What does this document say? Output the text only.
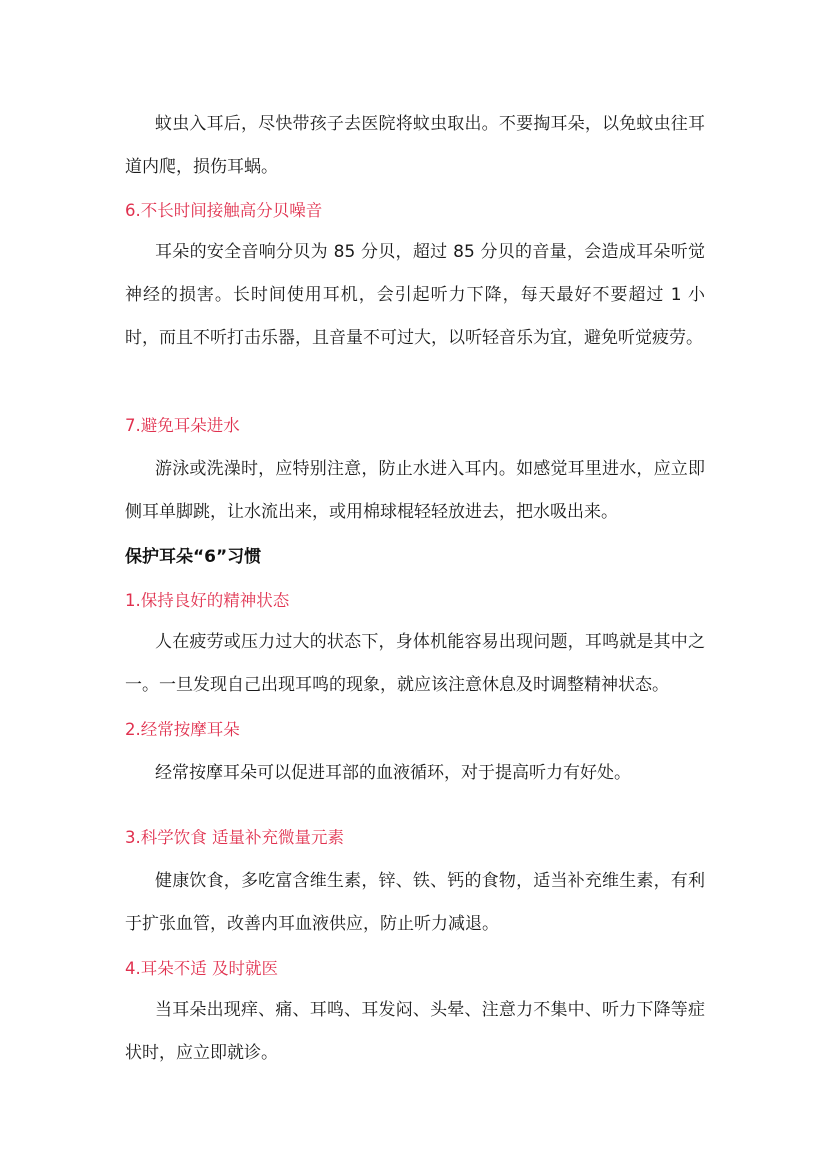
蚊虫入耳后，尽快带孩子去医院将蚊虫取出。不要掏耳朵，以免蚊虫往耳道内爬，损伤耳蜗。

6.不长时间接触高分贝噪音

耳朵的安全音响分贝为 85 分贝，超过 85 分贝的音量，会造成耳朵听觉神经的损害。长时间使用耳机，会引起听力下降，每天最好不要超过 1 小时，而且不听打击乐器，且音量不可过大，以听轻音乐为宜，避免听觉疲劳。

7.避免耳朵进水

游泳或洗澡时，应特别注意，防止水进入耳内。如感觉耳里进水，应立即侧耳单脚跳，让水流出来，或用棉球棍轻轻放进去，把水吸出来。

保护耳朵“6”习惯

1.保持良好的精神状态

人在疲劳或压力过大的状态下，身体机能容易出现问题，耳鸣就是其中之一。一旦发现自己出现耳鸣的现象，就应该注意休息及时调整精神状态。

2.经常按摩耳朵

经常按摩耳朵可以促进耳部的血液循环，对于提高听力有好处。

3.科学饮食 适量补充微量元素

健康饮食，多吃富含维生素，锌、铁、钙的食物，适当补充维生素，有利于扩张血管，改善内耳血液供应，防止听力减退。

4.耳朵不适 及时就医

当耳朵出现痒、痛、耳鸣、耳发闷、头晕、注意力不集中、听力下降等症状时，应立即就诊。
